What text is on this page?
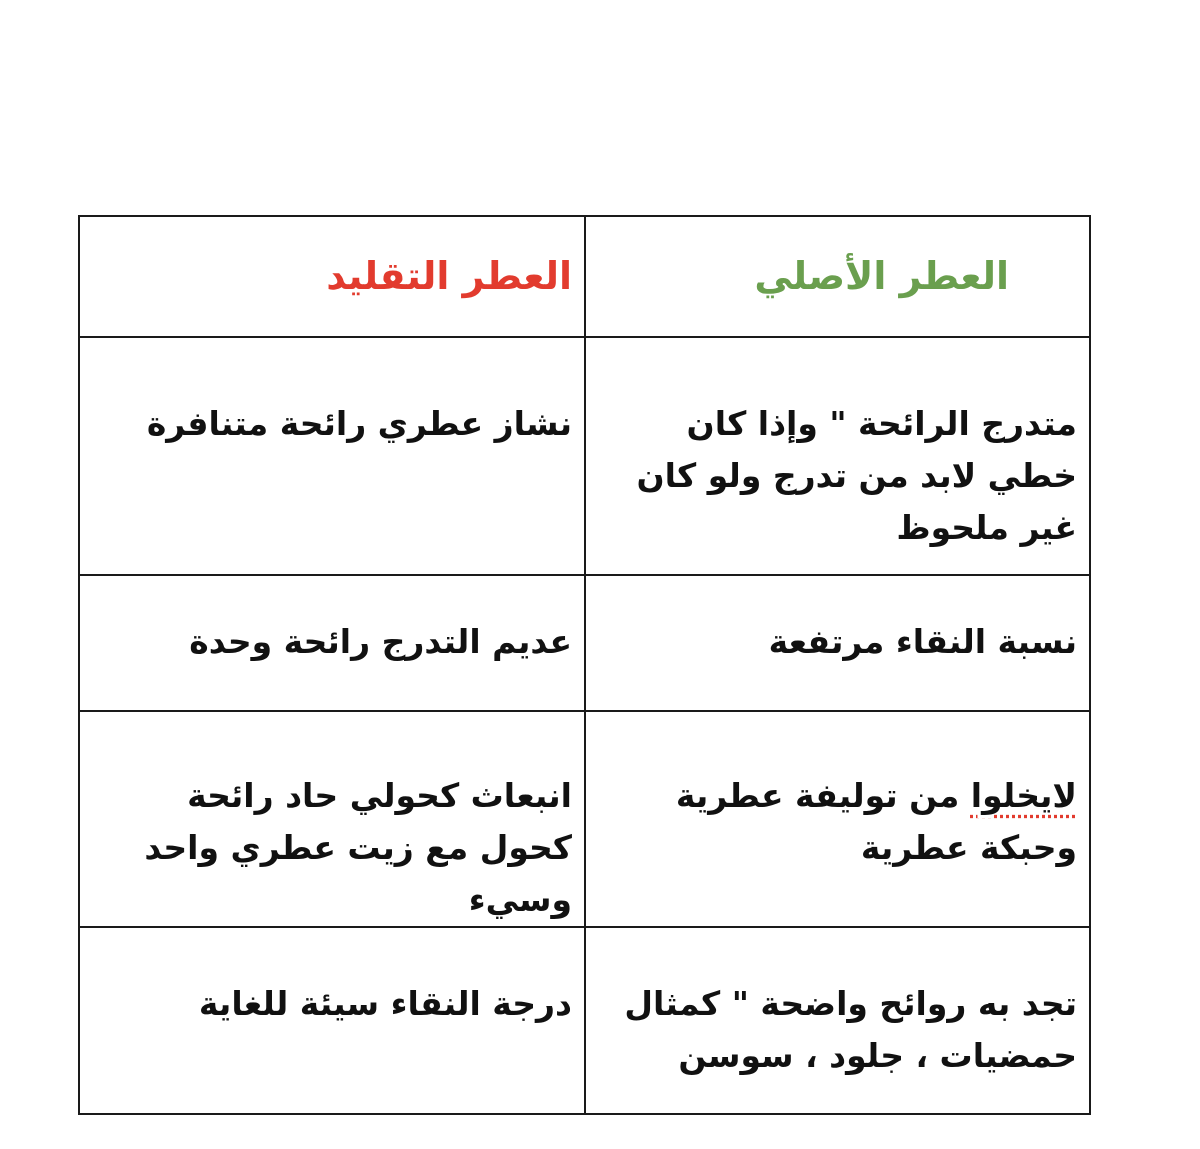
العطر الأصلي	العطر التقليد

متدرج الرائحة " وإذا كان خطي لابد من تدرج ولو كان غير ملحوظ	نشاز عطري رائحة متنافرة

نسبة النقاء مرتفعة	عديم التدرج رائحة وحدة

لايخلوا من توليفة عطرية وحبكة عطرية	انبعاث كحولي حاد رائحة كحول مع زيت عطري واحد وسيء

تجد به روائح واضحة " كمثال حمضيات ، جلود ، سوسن	درجة النقاء سيئة للغاية
